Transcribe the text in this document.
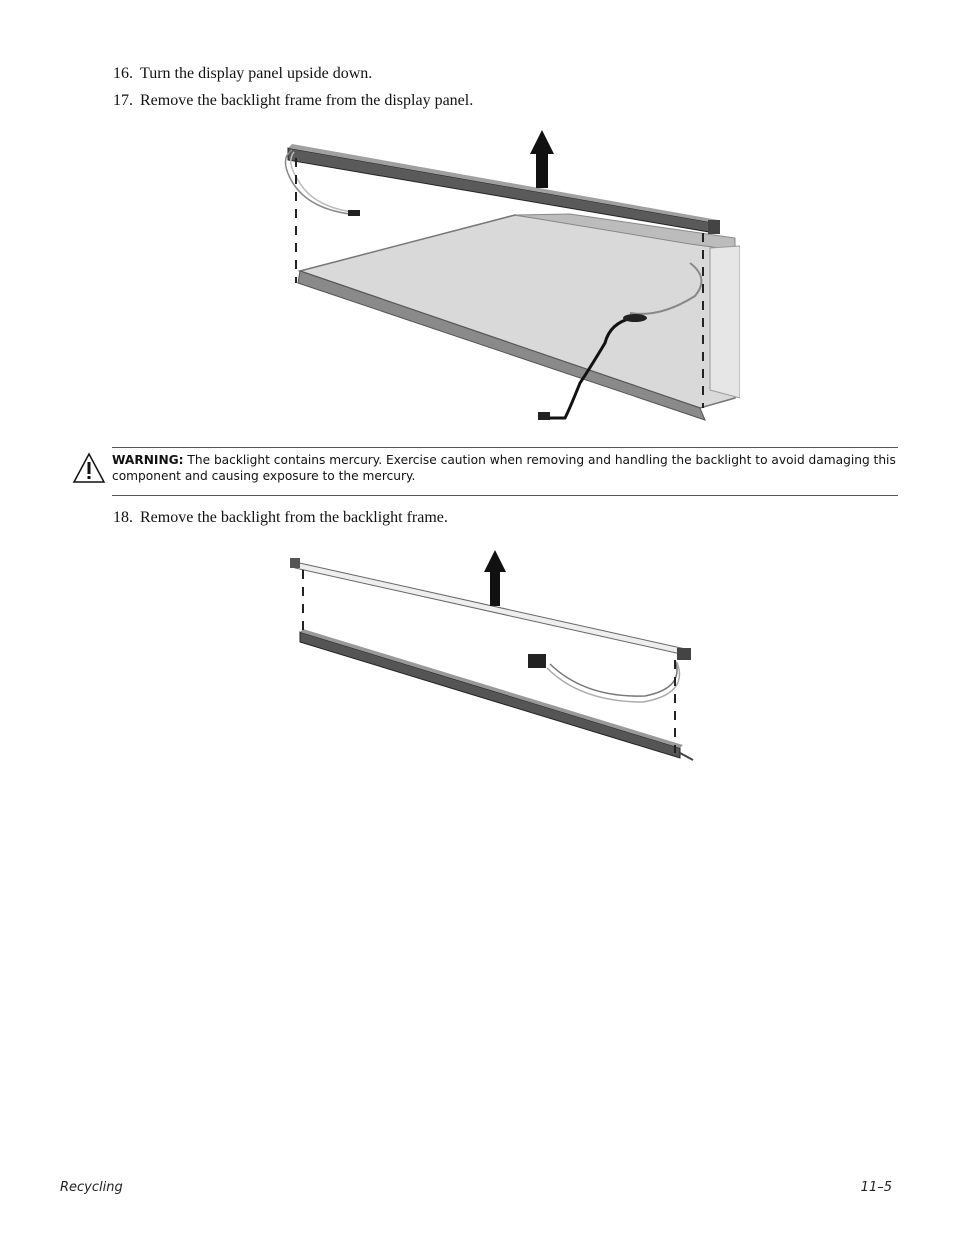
16. Turn the display panel upside down.
17. Remove the backlight frame from the display panel.
WARNING: The backlight contains mercury. Exercise caution when removing and handling the backlight to avoid damaging this component and causing exposure to the mercury.
18. Remove the backlight from the backlight frame.
Recycling	11–5
